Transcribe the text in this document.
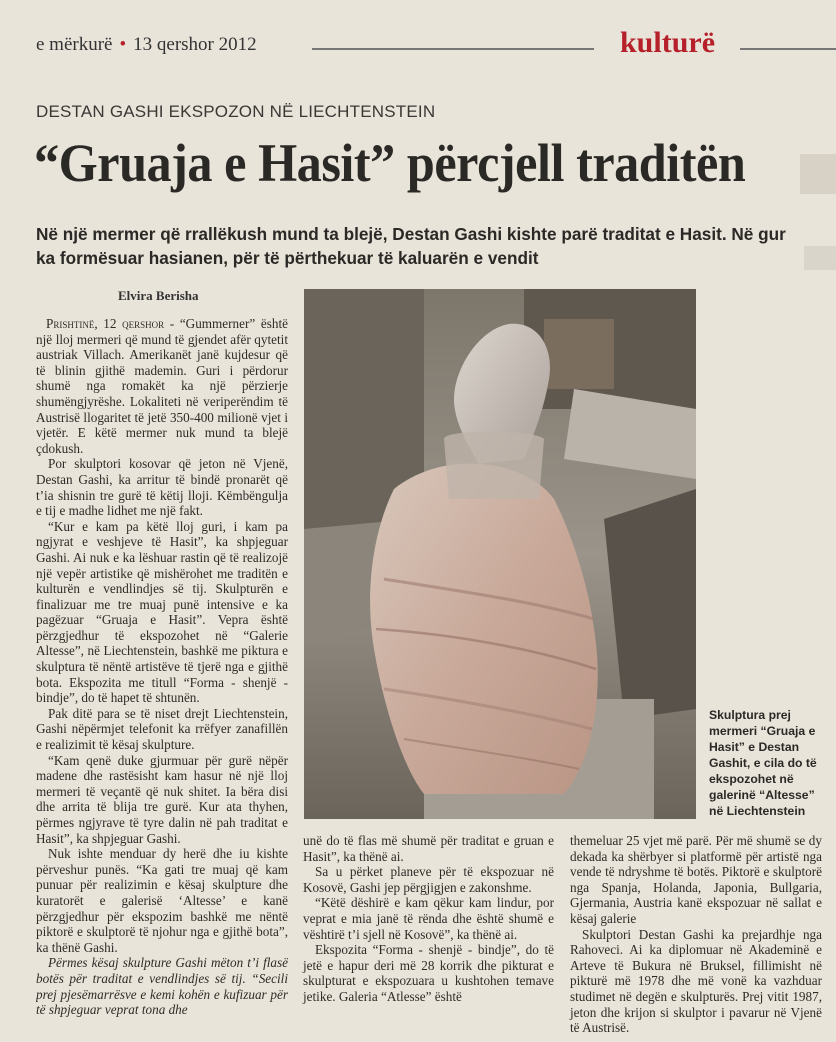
e mërkurë • 13 qershor 2012	kulturë
DESTAN GASHI EKSPOZON NË LIECHTENSTEIN
“Gruaja e Hasit” përcjell traditën
Në një mermer që rrallëkush mund ta blejë, Destan Gashi kishte parë traditat e Hasit. Në gur ka formësuar hasianen, për të përthekuar të kaluarën e vendit
Elvira Berisha
Skulptura prej mermeri “Gruaja e Hasit” e Destan Gashit, e cila do të ekspozohet në galerinë “Altesse” në Liechtenstein

Prishtinë, 12 qershor - “Gummerner” është një lloj mermeri që mund të gjendet afër qytetit austriak Villach. Amerikanët janë kujdesur që të blinin gjithë mademin. Guri i përdorur shumë nga romakët ka një përzierje shumëngjyrëshe. Lokaliteti në veriperëndim të Austrisë llogaritet të jetë 350-400 milionë vjet i vjetër. E këtë mermer nuk mund ta blejë çdokush.

Por skulptori kosovar që jeton në Vjenë, Destan Gashi, ka arritur të bindë pronarët që t’ia shisnin tre gurë të këtij lloji. Këmbëngulja e tij e madhe lidhet me një fakt.

“Kur e kam pa këtë lloj guri, i kam pa ngjyrat e veshjeve të Hasit”, ka shpjeguar Gashi. Ai nuk e ka lëshuar rastin që të realizojë një vepër artistike që mishërohet me traditën e kulturën e vendlindjes së tij. Skulpturën e finalizuar me tre muaj punë intensive e ka pagëzuar “Gruaja e Hasit”. Vepra është përzgjedhur të ekspozohet në “Galerie Altesse”, në Liechtenstein, bashkë me piktura e skulptura të nëntë artistëve të tjerë nga e gjithë bota. Ekspozita me titull “Forma - shenjë - bindje”, do të hapet të shtunën.

Pak ditë para se të niset drejt Liechtenstein, Gashi nëpërmjet telefonit ka rrëfyer zanafillën e realizimit të kësaj skulpture.

“Kam qenë duke gjurmuar për gurë nëpër madene dhe rastësisht kam hasur në një lloj mermeri të veçantë që nuk shitet. Ia bëra disi dhe arrita të blija tre gurë. Kur ata thyhen, përmes ngjyrave të tyre dalin në pah traditat e Hasit”, ka shpjeguar Gashi.

Nuk ishte menduar dy herë dhe iu kishte përveshur punës. “Ka gati tre muaj që kam punuar për realizimin e kësaj skulpture dhe kuratorët e galerisë ‘Altesse’ e kanë përzgjedhur për ekspozim bashkë me nëntë piktorë e skulptorë të njohur nga e gjithë bota”, ka thënë Gashi.

Përmes kësaj skulpture Gashi mëton t’i flasë botës për traditat e vendlindjes së tij. “Secili prej pjesëmarrësve e kemi kohën e kufizuar për të shpjeguar veprat tona dhe

unë do të flas më shumë për traditat e gruan e Hasit”, ka thënë ai.

Sa u përket planeve për të ekspozuar në Kosovë, Gashi jep përgjigjen e zakonshme.

“Këtë dëshirë e kam qëkur kam lindur, por veprat e mia janë të rënda dhe është shumë e vështirë t’i sjell në Kosovë”, ka thënë ai.

Ekspozita “Forma - shenjë - bindje”, do të jetë e hapur deri më 28 korrik dhe pikturat e skulpturat e ekspozuara u kushtohen temave jetike. Galeria “Atlesse” është

themeluar 25 vjet më parë. Për më shumë se dy dekada ka shërbyer si platformë për artistë nga vende të ndryshme të botës. Piktorë e skulptorë nga Spanja, Holanda, Japonia, Bullgaria, Gjermania, Austria kanë ekspozuar në sallat e kësaj galerie

Skulptori Destan Gashi ka prejardhje nga Rahoveci. Ai ka diplomuar në Akademinë e Arteve të Bukura në Bruksel, fillimisht në pikturë më 1978 dhe më vonë ka vazhduar studimet në degën e skulpturës. Prej vitit 1987, jeton dhe krijon si skulptor i pavarur në Vjenë të Austrisë.
